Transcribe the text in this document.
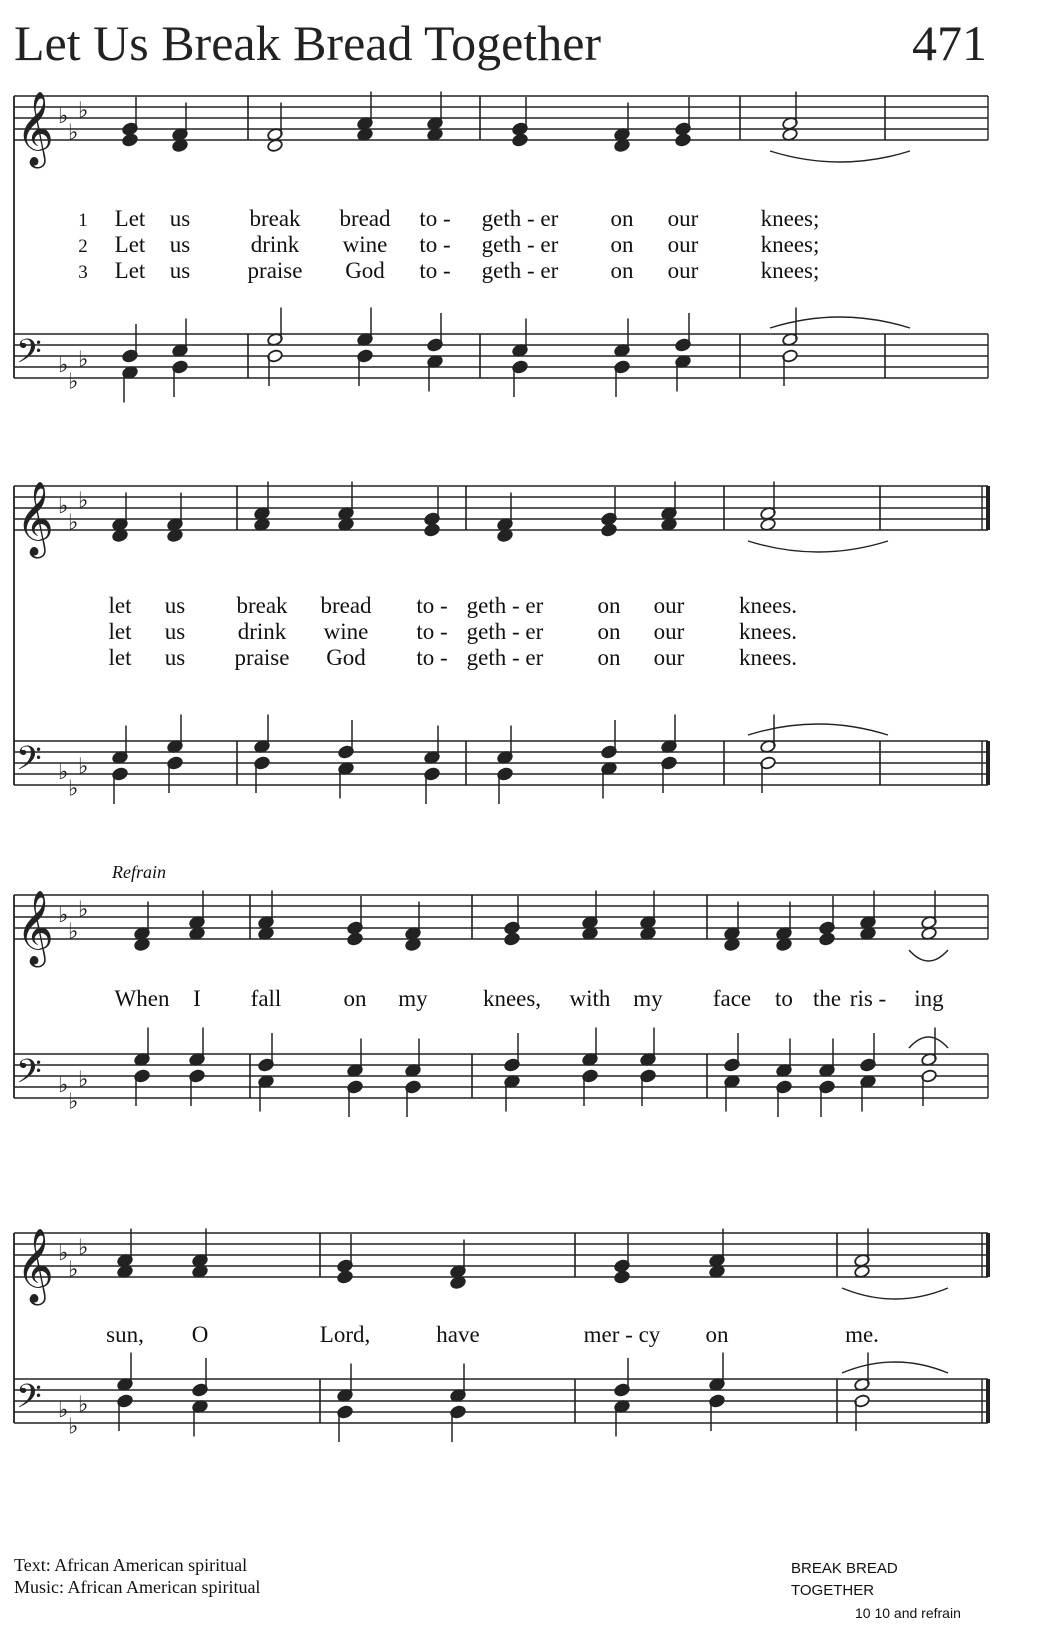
Let Us Break Bread Together	471
𝄞
𝄢
♭
♭
♭
♭
♭
♭
1 Let us	break bread to - geth - er on our	knees;
2 Let us	drink wine to - geth - er on our	knees;
3 Let us praise God to - geth - er on our	knees;
𝄞
𝄢
♭
♭
♭
♭
♭
♭
let us break bread to - geth - er on our knees.
let us drink wine to - geth - er on our knees.
let us praise God to - geth - er on our knees.
𝄞
𝄢
♭
♭
♭
♭
♭
♭
When I fall	on my knees, with my face to the ris - ing
𝄞
𝄢
♭
♭
♭
♭
♭
♭
sun, O	Lord,	have	mer - cy on	me.
Refrain
Text: African American spiritual
Music: African American spiritual
BREAK BREAD TOGETHER
10 10 and refrain
